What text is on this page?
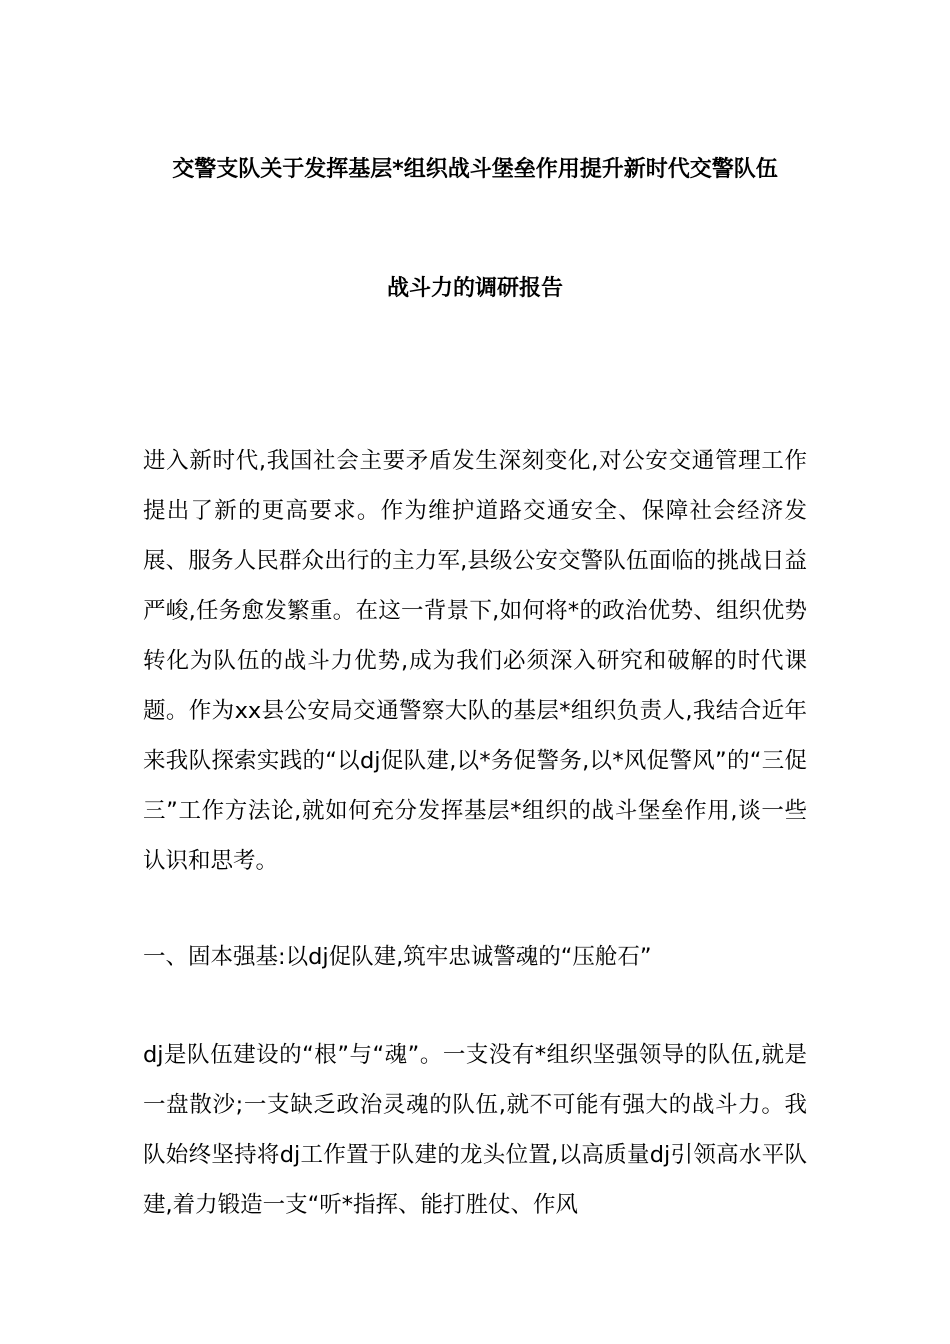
交警支队关于发挥基层*组织战斗堡垒作用提升新时代交警队伍
战斗力的调研报告

进入新时代,我国社会主要矛盾发生深刻变化,对公安交通管理工作提出了新的更高要求。作为维护道路交通安全、保障社会经济发展、服务人民群众出行的主力军,县级公安交警队伍面临的挑战日益严峻,任务愈发繁重。在这一背景下,如何将*的政治优势、组织优势转化为队伍的战斗力优势,成为我们必须深入研究和破解的时代课题。作为xx县公安局交通警察大队的基层*组织负责人,我结合近年来我队探索实践的“以dj促队建,以*务促警务,以*风促警风”的“三促三”工作方法论,就如何充分发挥基层*组织的战斗堡垒作用,谈一些认识和思考。

一、固本强基:以dj促队建,筑牢忠诚警魂的“压舱石”

dj是队伍建设的“根”与“魂”。一支没有*组织坚强领导的队伍,就是一盘散沙;一支缺乏政治灵魂的队伍,就不可能有强大的战斗力。我队始终坚持将dj工作置于队建的龙头位置,以高质量dj引领高水平队建,着力锻造一支“听*指挥、能打胜仗、作风
